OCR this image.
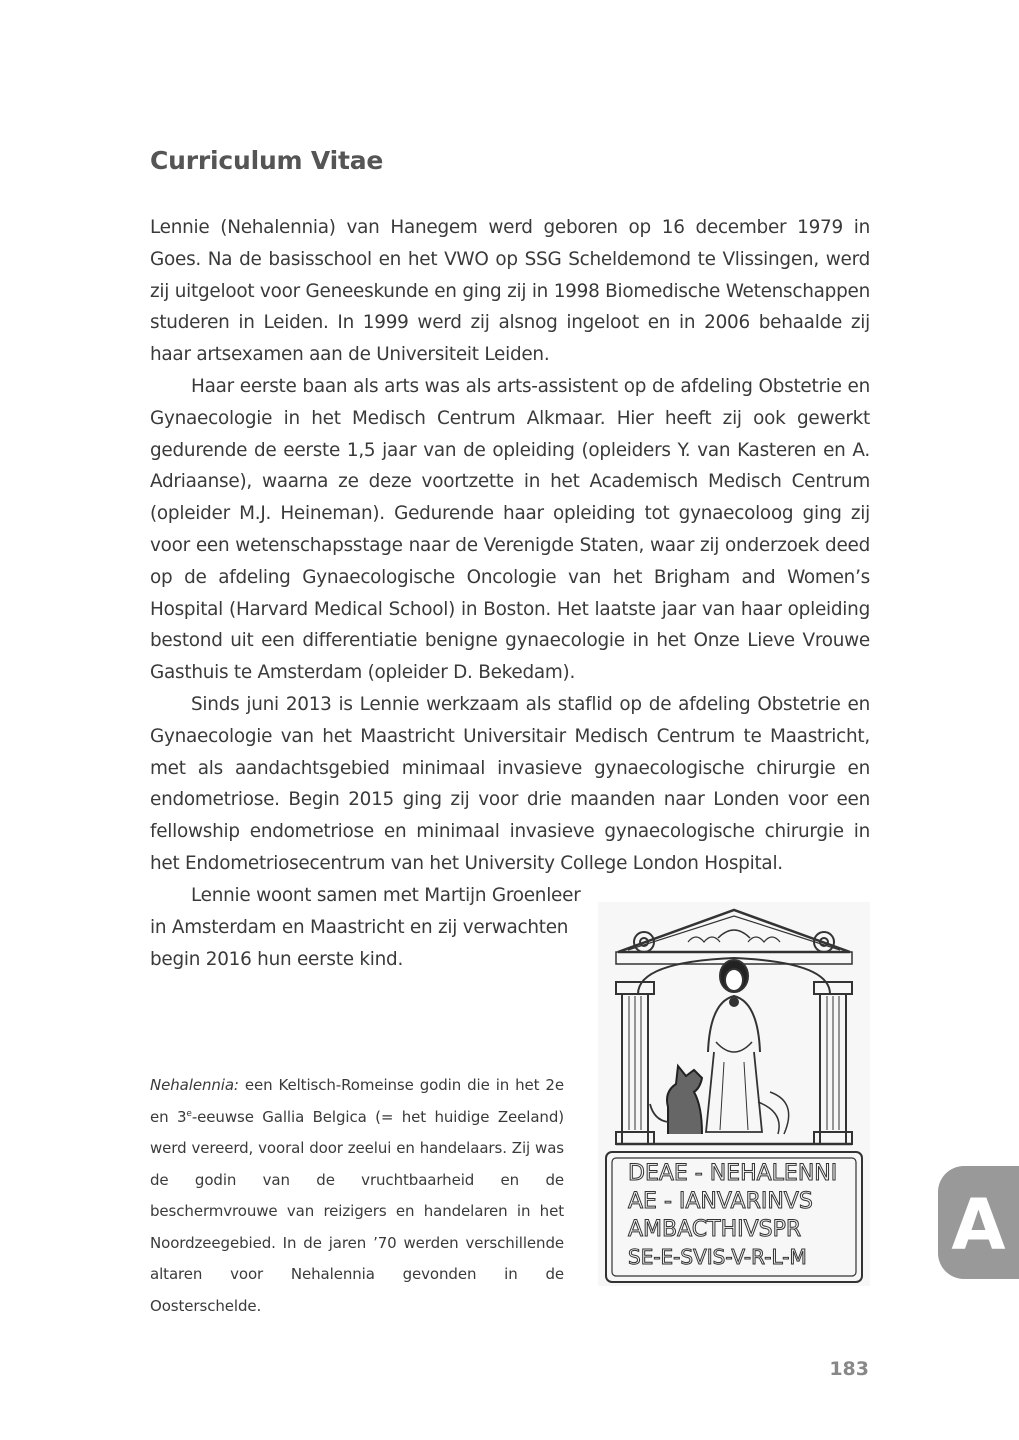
Curriculum Vitae

Lennie (Nehalennia) van Hanegem werd geboren op 16 december 1979 in Goes. Na de basisschool en het VWO op SSG Scheldemond te Vlissingen, werd zij uitgeloot voor Geneeskunde en ging zij in 1998 Biomedische Wetenschappen studeren in Leiden. In 1999 werd zij alsnog ingeloot en in 2006 behaalde zij haar artsexamen aan de Universiteit Leiden.

Haar eerste baan als arts was als arts-assistent op de afdeling Obstetrie en Gynaecologie in het Medisch Centrum Alkmaar. Hier heeft zij ook gewerkt gedurende de eerste 1,5 jaar van de opleiding (opleiders Y. van Kasteren en A. Adriaanse), waarna ze deze voortzette in het Academisch Medisch Centrum (opleider M.J. Heineman). Gedurende haar opleiding tot gynaecoloog ging zij voor een wetenschapsstage naar de Verenigde Staten, waar zij onderzoek deed op de afdeling Gynaecologische Oncologie van het Brigham and Women’s Hospital (Harvard Medical School) in Boston. Het laatste jaar van haar opleiding bestond uit een differentiatie benigne gynaecologie in het Onze Lieve Vrouwe Gasthuis te Amsterdam (opleider D. Bekedam).

Sinds juni 2013 is Lennie werkzaam als staflid op de afdeling Obstetrie en Gynaecologie van het Maastricht Universitair Medisch Centrum te Maastricht, met als aandachtsgebied minimaal invasieve gynaecologische chirurgie en endometriose. Begin 2015 ging zij voor drie maanden naar Londen voor een fellowship endometriose en minimaal invasieve gynaecologische chirurgie in het Endometriosecentrum van het University College London Hospital.

Lennie woont samen met Martijn Groenleer in Amsterdam en Maastricht en zij verwachten begin 2016 hun eerste kind.

Nehalennia: een Keltisch-Romeinse godin die in het 2e en 3e-eeuwse Gallia Belgica (= het huidige Zeeland) werd vereerd, vooral door zeelui en handelaars. Zij was de godin van de vruchtbaarheid en de beschermvrouwe van reizigers en handelaren in het Noordzeegebied. In de jaren ’70 werden verschillende altaren voor Nehalennia gevonden in de Oosterschelde.
DEAE - NEHALENNI
AE - IANVARINVS
AMBACTHIVSPR
SE-E-SVIS-V-R-L-M A
183
